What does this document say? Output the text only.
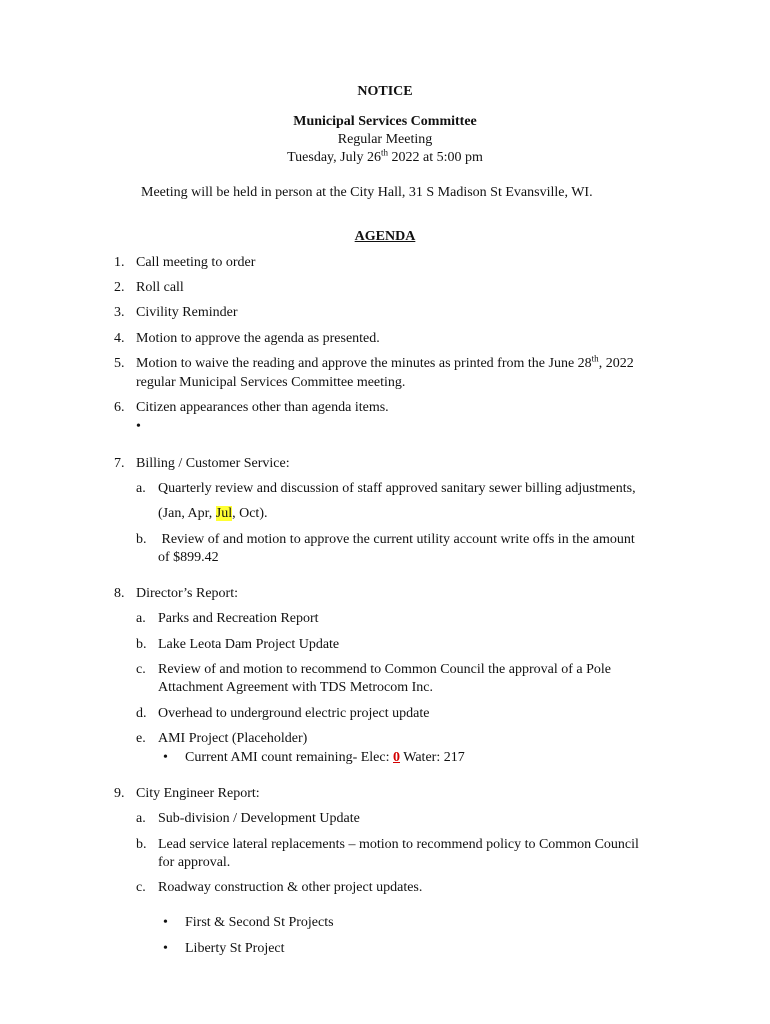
NOTICE
Municipal Services Committee
Regular Meeting
Tuesday, July 26th 2022 at 5:00 pm
Meeting will be held in person at the City Hall, 31 S Madison St Evansville, WI.
AGENDA
1. Call meeting to order
2. Roll call
3. Civility Reminder
4. Motion to approve the agenda as presented.
5. Motion to waive the reading and approve the minutes as printed from the June 28th, 2022
regular Municipal Services Committee meeting.
6. Citizen appearances other than agenda items.
•
7. Billing / Customer Service:
a. Quarterly review and discussion of staff approved sanitary sewer billing adjustments,
(Jan, Apr, Jul, Oct).
b. Review of and motion to approve the current utility account write offs in the amount
of $899.42
8. Director’s Report:
a. Parks and Recreation Report
b. Lake Leota Dam Project Update
c. Review of and motion to recommend to Common Council the approval of a Pole
Attachment Agreement with TDS Metrocom Inc.
d. Overhead to underground electric project update
e. AMI Project (Placeholder)
•Current AMI count remaining- Elec: 0 Water: 217
9. City Engineer Report:
a. Sub-division / Development Update
b. Lead service lateral replacements – motion to recommend policy to Common Council
for approval.
c. Roadway construction & other project updates.
•First & Second St Projects
•Liberty St Project
